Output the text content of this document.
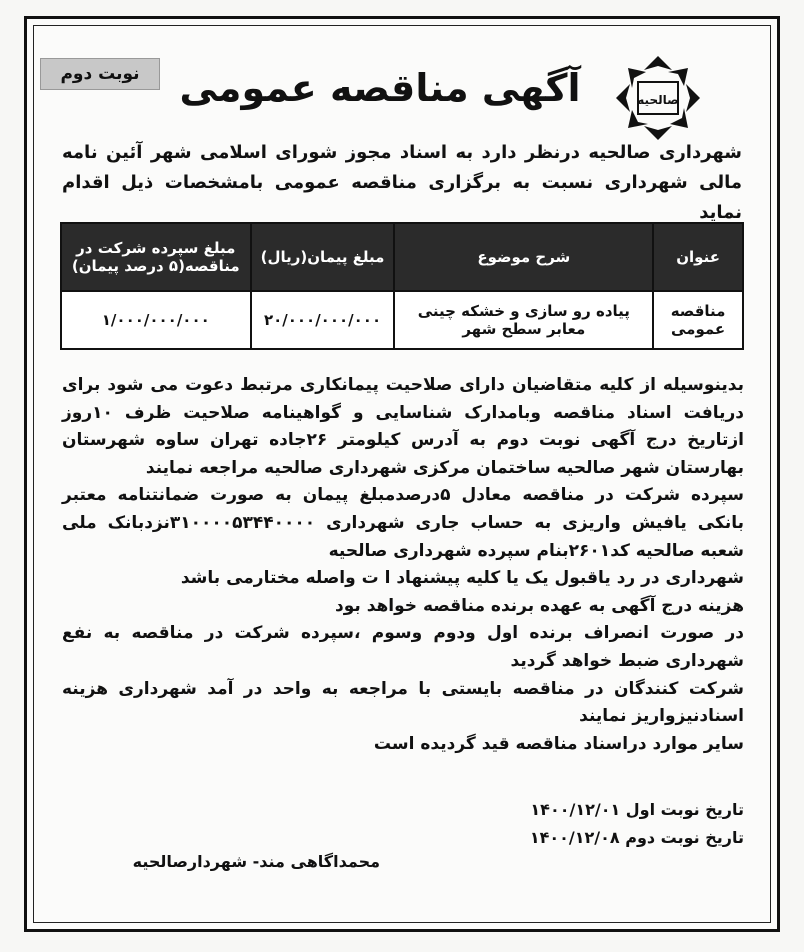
نوبت دوم
صالحیه
آگهی مناقصه عمومی
شهرداری صالحیه درنظر دارد به اسناد مجوز شورای اسلامی شهر آئین نامه مالی شهرداری نسبت به برگزاری مناقصه عمومی بامشخصات ذیل اقدام نماید
عنوان	شرح موضوع	مبلغ پیمان(ریال)	مبلغ سپرده شرکت در مناقصه(۵ درصد پیمان)
مناقصه عمومی	پیاده رو سازی و خشکه چینی معابر سطح شهر	۲۰/۰۰۰/۰۰۰/۰۰۰	۱/۰۰۰/۰۰۰/۰۰۰

بدینوسیله از کلیه متقاضیان دارای صلاحیت پیمانکاری مرتبط دعوت می شود برای دریافت اسناد مناقصه وبامدارک شناسایی و گواهینامه صلاحیت ظرف ۱۰روز ازتاریخ درج آگهی نوبت دوم به آدرس کیلومتر ۲۶جاده تهران ساوه شهرستان بهارستان شهر صالحیه ساختمان مرکزی شهرداری صالحیه مراجعه نمایند

سپرده شرکت در مناقصه معادل ۵درصدمبلغ پیمان به صورت ضمانتنامه معتبر بانکی یافیش واریزی به حساب جاری شهرداری ۳۱۰۰۰۰۵۳۴۴۰۰۰۰نزدبانک ملی شعبه صالحیه کد۲۶۰۱بنام سپرده شهرداری صالحیه

شهرداری در رد یاقبول یک یا کلیه پیشنهاد ا ت واصله مختارمی باشد

هزینه درج آگهی به عهده برنده مناقصه خواهد بود

در صورت انصراف برنده اول ودوم وسوم ،سپرده شرکت در مناقصه به نفع شهرداری ضبط خواهد گردید

شرکت کنندگان در مناقصه بایستی با مراجعه به واحد در آمد شهرداری هزینه اسنادنیزواریز نمایند

سایر موارد دراسناد مناقصه قید گردیده است

تاریخ نوبت اول ۱۴۰۰/۱۲/۰۱
تاریخ نوبت دوم ۱۴۰۰/۱۲/۰۸
محمداگاهی مند- شهردارصالحیه
